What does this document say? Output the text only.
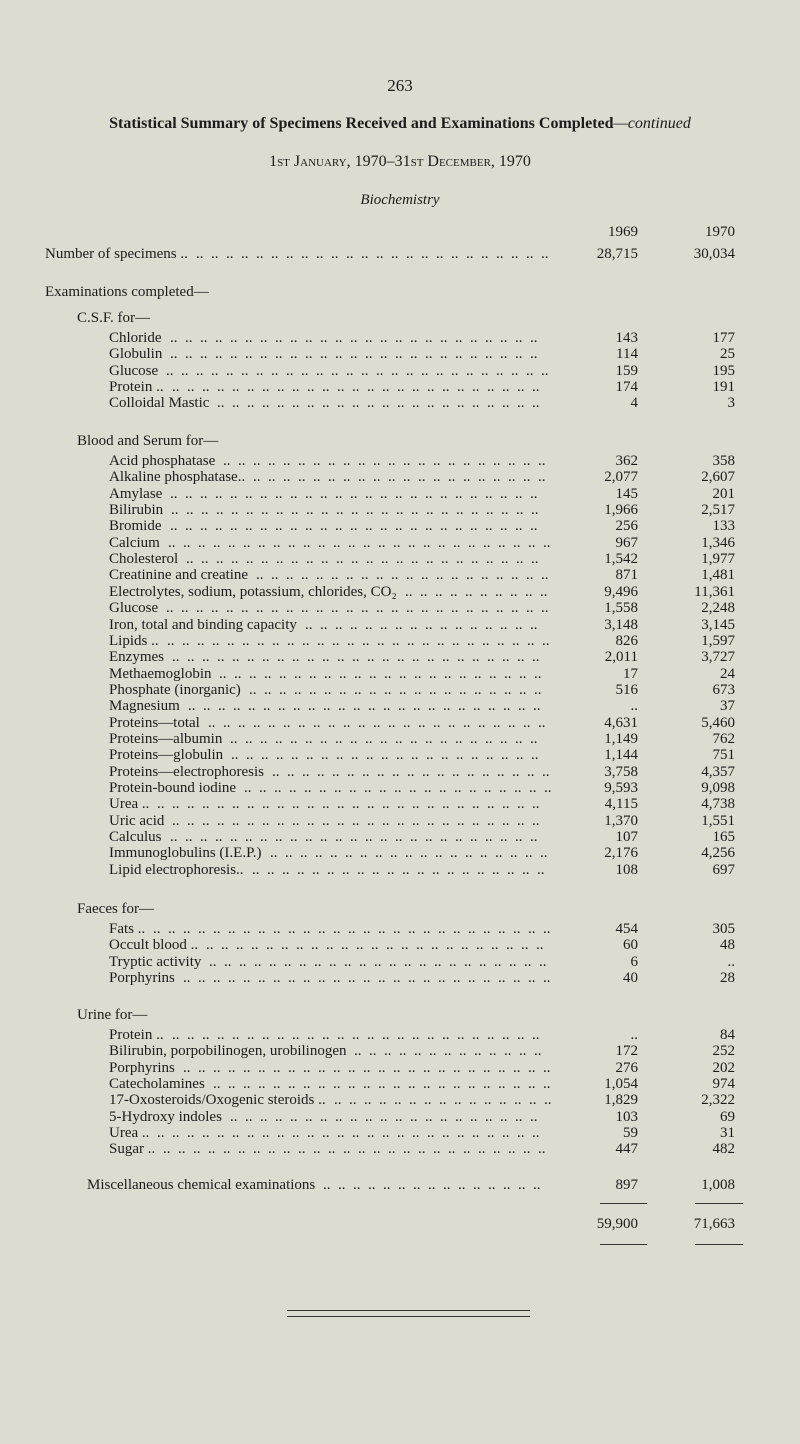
263
Statistical Summary of Specimens Received and Examinations Completed—continued
1st January, 1970–31st December, 1970
Biochemistry
1969	1970
Number of specimens ..	28,715	30,034
..  ..  ..  ..  ..  ..  ..  ..  ..  ..  ..  ..  ..  ..  ..  ..  ..  ..  ..  ..  ..  ..  ..  ..
Examinations completed—
C.S.F. for—
Chloride	143	177
..  ..  ..  ..  ..  ..  ..  ..  ..  ..  ..  ..  ..  ..  ..  ..  ..  ..  ..  ..  ..  ..  ..  ..  ..
Globulin	114	25
..  ..  ..  ..  ..  ..  ..  ..  ..  ..  ..  ..  ..  ..  ..  ..  ..  ..  ..  ..  ..  ..  ..  ..  ..
Glucose	159	195
..  ..  ..  ..  ..  ..  ..  ..  ..  ..  ..  ..  ..  ..  ..  ..  ..  ..  ..  ..  ..  ..  ..  ..  ..  ..
Protein ..	174	191
..  ..  ..  ..  ..  ..  ..  ..  ..  ..  ..  ..  ..  ..  ..  ..  ..  ..  ..  ..  ..  ..  ..  ..  ..
Colloidal Mastic	4	3
..  ..  ..  ..  ..  ..  ..  ..  ..  ..  ..  ..  ..  ..  ..  ..  ..  ..  ..  ..  ..  ..
Blood and Serum for—
Acid phosphatase	362	358
..  ..  ..  ..  ..  ..  ..  ..  ..  ..  ..  ..  ..  ..  ..  ..  ..  ..  ..  ..  ..  ..
Alkaline phosphatase..	2,077	2,607
..  ..  ..  ..  ..  ..  ..  ..  ..  ..  ..  ..  ..  ..  ..  ..  ..  ..  ..  ..
Amylase	145	201
..  ..  ..  ..  ..  ..  ..  ..  ..  ..  ..  ..  ..  ..  ..  ..  ..  ..  ..  ..  ..  ..  ..  ..  ..
Bilirubin	1,966	2,517
..  ..  ..  ..  ..  ..  ..  ..  ..  ..  ..  ..  ..  ..  ..  ..  ..  ..  ..  ..  ..  ..  ..  ..  ..
Bromide	256	133
..  ..  ..  ..  ..  ..  ..  ..  ..  ..  ..  ..  ..  ..  ..  ..  ..  ..  ..  ..  ..  ..  ..  ..  ..
Calcium	967	1,346
..  ..  ..  ..  ..  ..  ..  ..  ..  ..  ..  ..  ..  ..  ..  ..  ..  ..  ..  ..  ..  ..  ..  ..  ..  ..
Cholesterol	1,542	1,977
..  ..  ..  ..  ..  ..  ..  ..  ..  ..  ..  ..  ..  ..  ..  ..  ..  ..  ..  ..  ..  ..  ..  ..
Creatinine and creatine	871	1,481
..  ..  ..  ..  ..  ..  ..  ..  ..  ..  ..  ..  ..  ..  ..  ..  ..  ..  ..  ..
Electrolytes, sodium, potassium, chlorides, CO₂	9,496	11,361
..  ..  ..  ..  ..  ..  ..  ..  ..  ..
Glucose	1,558	2,248
..  ..  ..  ..  ..  ..  ..  ..  ..  ..  ..  ..  ..  ..  ..  ..  ..  ..  ..  ..  ..  ..  ..  ..  ..  ..
Iron, total and binding capacity	3,148	3,145
..  ..  ..  ..  ..  ..  ..  ..  ..  ..  ..  ..  ..  ..  ..  ..
Lipids ..	826	1,597
..  ..  ..  ..  ..  ..  ..  ..  ..  ..  ..  ..  ..  ..  ..  ..  ..  ..  ..  ..  ..  ..  ..  ..  ..  ..
Enzymes	2,011	3,727
..  ..  ..  ..  ..  ..  ..  ..  ..  ..  ..  ..  ..  ..  ..  ..  ..  ..  ..  ..  ..  ..  ..  ..  ..
Methaemoglobin	17	24
..  ..  ..  ..  ..  ..  ..  ..  ..  ..  ..  ..  ..  ..  ..  ..  ..  ..  ..  ..  ..  ..
Phosphate (inorganic)	516	673
..  ..  ..  ..  ..  ..  ..  ..  ..  ..  ..  ..  ..  ..  ..  ..  ..  ..  ..  ..
Magnesium	..	37
..  ..  ..  ..  ..  ..  ..  ..  ..  ..  ..  ..  ..  ..  ..  ..  ..  ..  ..  ..  ..  ..  ..  ..
Proteins—total	4,631	5,460
..  ..  ..  ..  ..  ..  ..  ..  ..  ..  ..  ..  ..  ..  ..  ..  ..  ..  ..  ..  ..  ..  ..
Proteins—albumin	1,149	762
..  ..  ..  ..  ..  ..  ..  ..  ..  ..  ..  ..  ..  ..  ..  ..  ..  ..  ..  ..  ..
Proteins—globulin	1,144	751
..  ..  ..  ..  ..  ..  ..  ..  ..  ..  ..  ..  ..  ..  ..  ..  ..  ..  ..  ..  ..
Proteins—electrophoresis	3,758	4,357
..  ..  ..  ..  ..  ..  ..  ..  ..  ..  ..  ..  ..  ..  ..  ..  ..  ..  ..
Protein-bound iodine	9,593	9,098
..  ..  ..  ..  ..  ..  ..  ..  ..  ..  ..  ..  ..  ..  ..  ..  ..  ..  ..  ..  ..
Urea ..	4,115	4,738
..  ..  ..  ..  ..  ..  ..  ..  ..  ..  ..  ..  ..  ..  ..  ..  ..  ..  ..  ..  ..  ..  ..  ..  ..  ..
Uric acid	1,370	1,551
..  ..  ..  ..  ..  ..  ..  ..  ..  ..  ..  ..  ..  ..  ..  ..  ..  ..  ..  ..  ..  ..  ..  ..  ..
Calculus	107	165
..  ..  ..  ..  ..  ..  ..  ..  ..  ..  ..  ..  ..  ..  ..  ..  ..  ..  ..  ..  ..  ..  ..  ..  ..
Immunoglobulins (I.E.P.)	2,176	4,256
..  ..  ..  ..  ..  ..  ..  ..  ..  ..  ..  ..  ..  ..  ..  ..  ..  ..  ..
Lipid electrophoresis..	108	697
..  ..  ..  ..  ..  ..  ..  ..  ..  ..  ..  ..  ..  ..  ..  ..  ..  ..  ..  ..
Faeces for—
Fats ..	454	305
..  ..  ..  ..  ..  ..  ..  ..  ..  ..  ..  ..  ..  ..  ..  ..  ..  ..  ..  ..  ..  ..  ..  ..  ..  ..  ..
Occult blood ..	60	48
..  ..  ..  ..  ..  ..  ..  ..  ..  ..  ..  ..  ..  ..  ..  ..  ..  ..  ..  ..  ..  ..  ..
Tryptic activity	6	..
..  ..  ..  ..  ..  ..  ..  ..  ..  ..  ..  ..  ..  ..  ..  ..  ..  ..  ..  ..  ..  ..  ..
Porphyrins	40	28
..  ..  ..  ..  ..  ..  ..  ..  ..  ..  ..  ..  ..  ..  ..  ..  ..  ..  ..  ..  ..  ..  ..  ..  ..
Urine for—
Protein ..	..	84
..  ..  ..  ..  ..  ..  ..  ..  ..  ..  ..  ..  ..  ..  ..  ..  ..  ..  ..  ..  ..  ..  ..  ..  ..
Bilirubin, porpobilinogen, urobilinogen	172	252
..  ..  ..  ..  ..  ..  ..  ..  ..  ..  ..  ..  ..
Porphyrins	276	202
..  ..  ..  ..  ..  ..  ..  ..  ..  ..  ..  ..  ..  ..  ..  ..  ..  ..  ..  ..  ..  ..  ..  ..  ..
Catecholamines	1,054	974
..  ..  ..  ..  ..  ..  ..  ..  ..  ..  ..  ..  ..  ..  ..  ..  ..  ..  ..  ..  ..  ..  ..
17-Oxosteroids/Oxogenic steroids ..	1,829	2,322
..  ..  ..  ..  ..  ..  ..  ..  ..  ..  ..  ..  ..  ..  ..
5-Hydroxy indoles	103	69
..  ..  ..  ..  ..  ..  ..  ..  ..  ..  ..  ..  ..  ..  ..  ..  ..  ..  ..  ..  ..
Urea ..	59	31
..  ..  ..  ..  ..  ..  ..  ..  ..  ..  ..  ..  ..  ..  ..  ..  ..  ..  ..  ..  ..  ..  ..  ..  ..  ..
Sugar ..	447	482
..  ..  ..  ..  ..  ..  ..  ..  ..  ..  ..  ..  ..  ..  ..  ..  ..  ..  ..  ..  ..  ..  ..  ..  ..  ..
Miscellaneous chemical examinations	897	1,008
..  ..  ..  ..  ..  ..  ..  ..  ..  ..  ..  ..  ..  ..  ..
59,900	71,663
